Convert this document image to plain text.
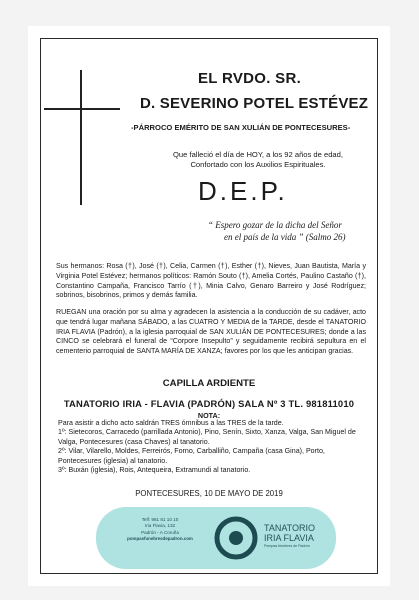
EL RVDO. SR.
D. SEVERINO POTEL ESTÉVEZ
-PÁRROCO EMÉRITO DE SAN XULIÁN DE PONTECESURES-
Que falleció el día de HOY, a los 92 años de edad,
Confortado con los Auxilios Espirituales.
D.E.P.
“ Espero gozar de la dicha del Señor
en el país de la vida ” (Salmo 26)
Sus hermanos: Rosa (†), José (†), Celia, Carmen (†), Esther (†), Nieves, Juan Bautista, María y Virginia Potel Estévez; hermanos políticos: Ramón Souto (†), Amelia Cortés, Paulino Castaño (†), Constantino Campaña, Francisco Tarrío (†), Minia Calvo, Genaro Barreiro y José Rodríguez; sobrinos, bisobrinos, primos y demás familia.
RUEGAN una oración por su alma y agradecen la asistencia a la conducción de su cadáver, acto que tendrá lugar mañana SÁBADO, a las CUATRO Y MEDIA de la TARDE, desde el TANATORIO IRIA FLAVIA (Padrón), a la iglesia parroquial de SAN XULIÁN DE PONTECESURES; donde a las CINCO se celebrará el funeral de “Corpore Insepulto” y seguidamente recibirá sepultura en el cementerio parroquial de SANTA MARÍA DE XANZA; favores por los que les anticipan gracias.
CAPILLA ARDIENTE
TANATORIO IRIA - FLAVIA (PADRÓN) SALA Nº 3 TL. 981811010
NOTA:
Para asistir a dicho acto saldrán TRES ómnibus a las TRES de la tarde.
1º: Sietecoros, Carracedo (parrillada Antonio), Pino, Senín, Sixto, Xanza, Valga, San Miguel de Valga, Pontecesures (casa Chaves) al tanatorio.
2º: Vilar, Vilarello, Moldes, Ferreirós, Forno, Carballiño, Campaña (casa Gina), Porto, Pontecesures (iglesia) al tanatorio.
3º: Buxán (iglesia), Rois, Antequeira, Extramundi al tanatorio.
PONTECESURES, 10 DE MAYO DE 2019
Telf: 981 81 10 10
Iria Flavia, 132
Padrón - A Coruña
pompasfunebresdepadron.com
TANATORIO
IRIA FLAVIA
Pompas fúnebres de Padrón
